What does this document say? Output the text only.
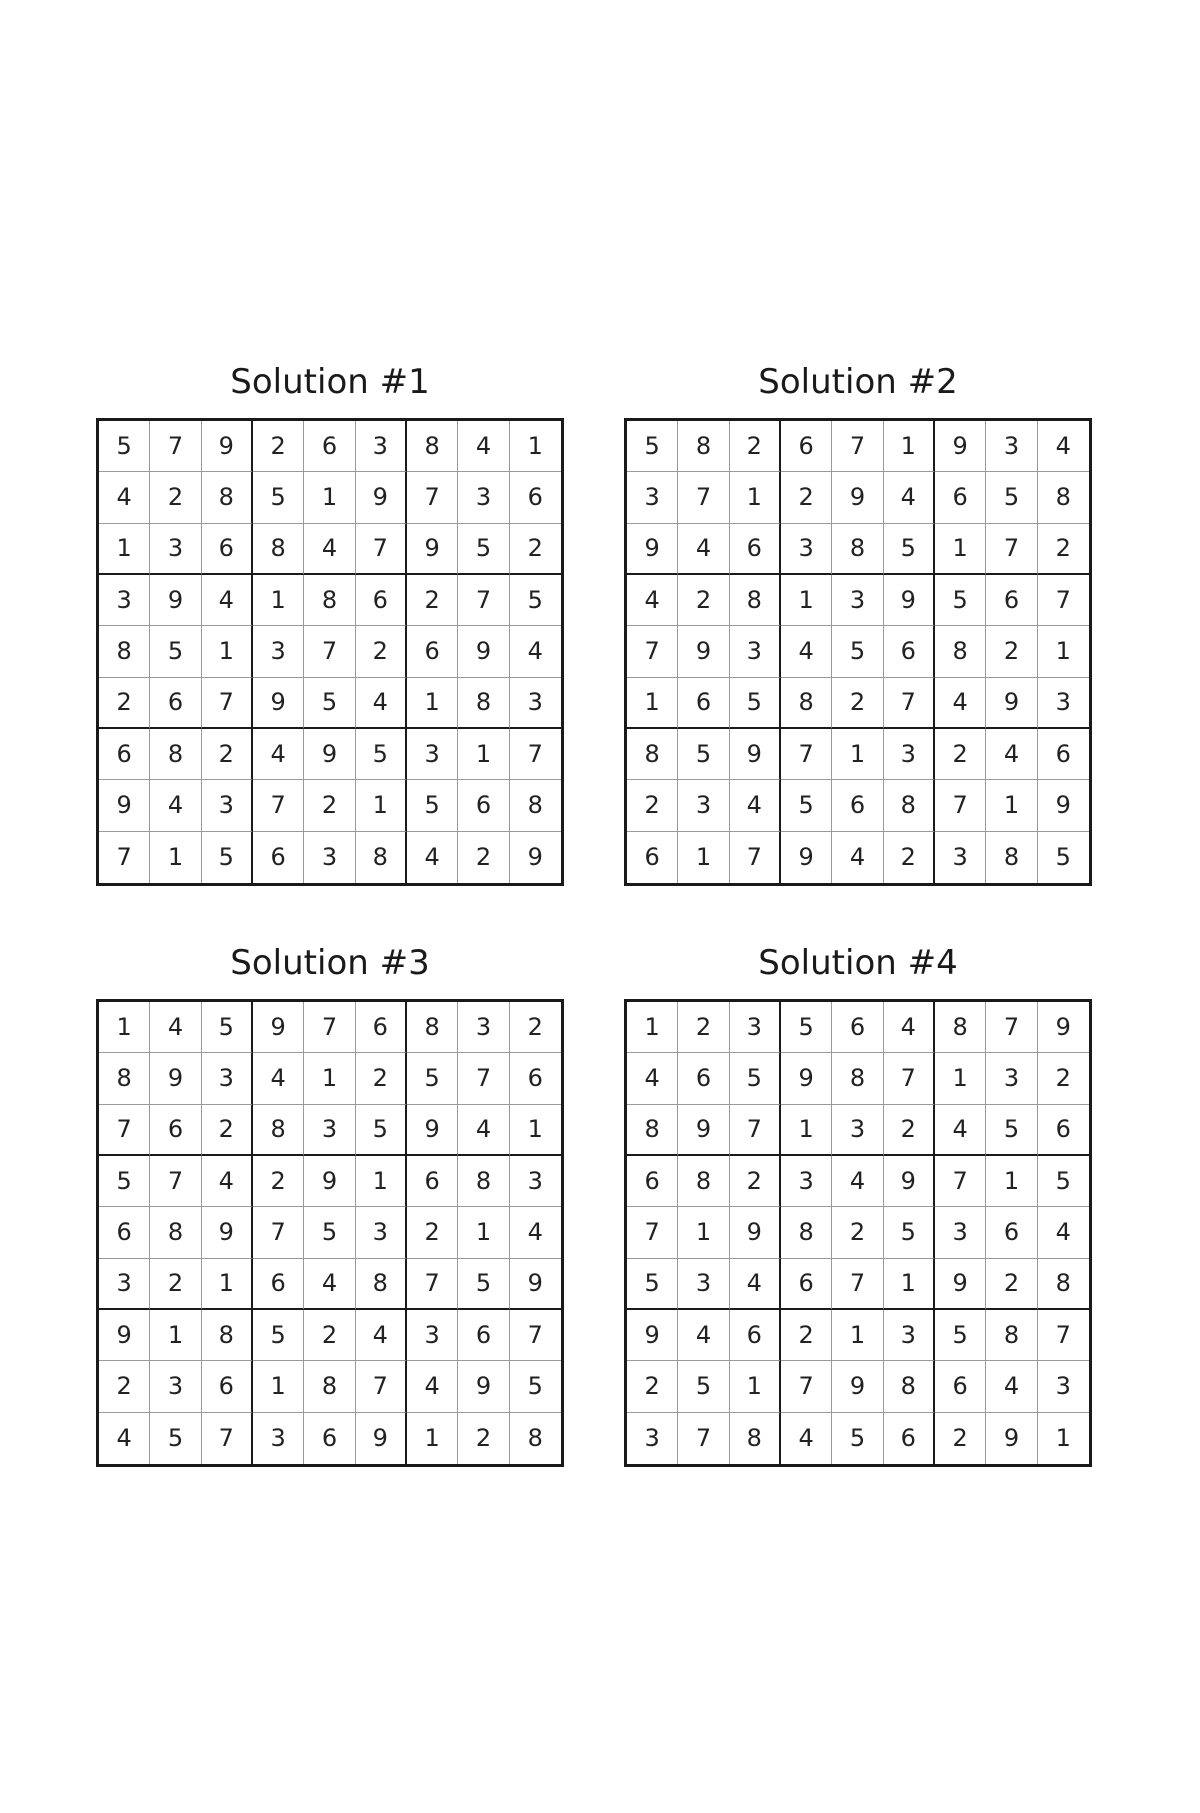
Solution #1
5	7	9	2	6	3	8	4	1
4	2	8	5	1	9	7	3	6
1	3	6	8	4	7	9	5	2
3	9	4	1	8	6	2	7	5
8	5	1	3	7	2	6	9	4
2	6	7	9	5	4	1	8	3
6	8	2	4	9	5	3	1	7
9	4	3	7	2	1	5	6	8
7	1	5	6	3	8	4	2	9
Solution #2
5	8	2	6	7	1	9	3	4
3	7	1	2	9	4	6	5	8
9	4	6	3	8	5	1	7	2
4	2	8	1	3	9	5	6	7
7	9	3	4	5	6	8	2	1
1	6	5	8	2	7	4	9	3
8	5	9	7	1	3	2	4	6
2	3	4	5	6	8	7	1	9
6	1	7	9	4	2	3	8	5
Solution #3
1	4	5	9	7	6	8	3	2
8	9	3	4	1	2	5	7	6
7	6	2	8	3	5	9	4	1
5	7	4	2	9	1	6	8	3
6	8	9	7	5	3	2	1	4
3	2	1	6	4	8	7	5	9
9	1	8	5	2	4	3	6	7
2	3	6	1	8	7	4	9	5
4	5	7	3	6	9	1	2	8
Solution #4
1	2	3	5	6	4	8	7	9
4	6	5	9	8	7	1	3	2
8	9	7	1	3	2	4	5	6
6	8	2	3	4	9	7	1	5
7	1	9	8	2	5	3	6	4
5	3	4	6	7	1	9	2	8
9	4	6	2	1	3	5	8	7
2	5	1	7	9	8	6	4	3
3	7	8	4	5	6	2	9	1
